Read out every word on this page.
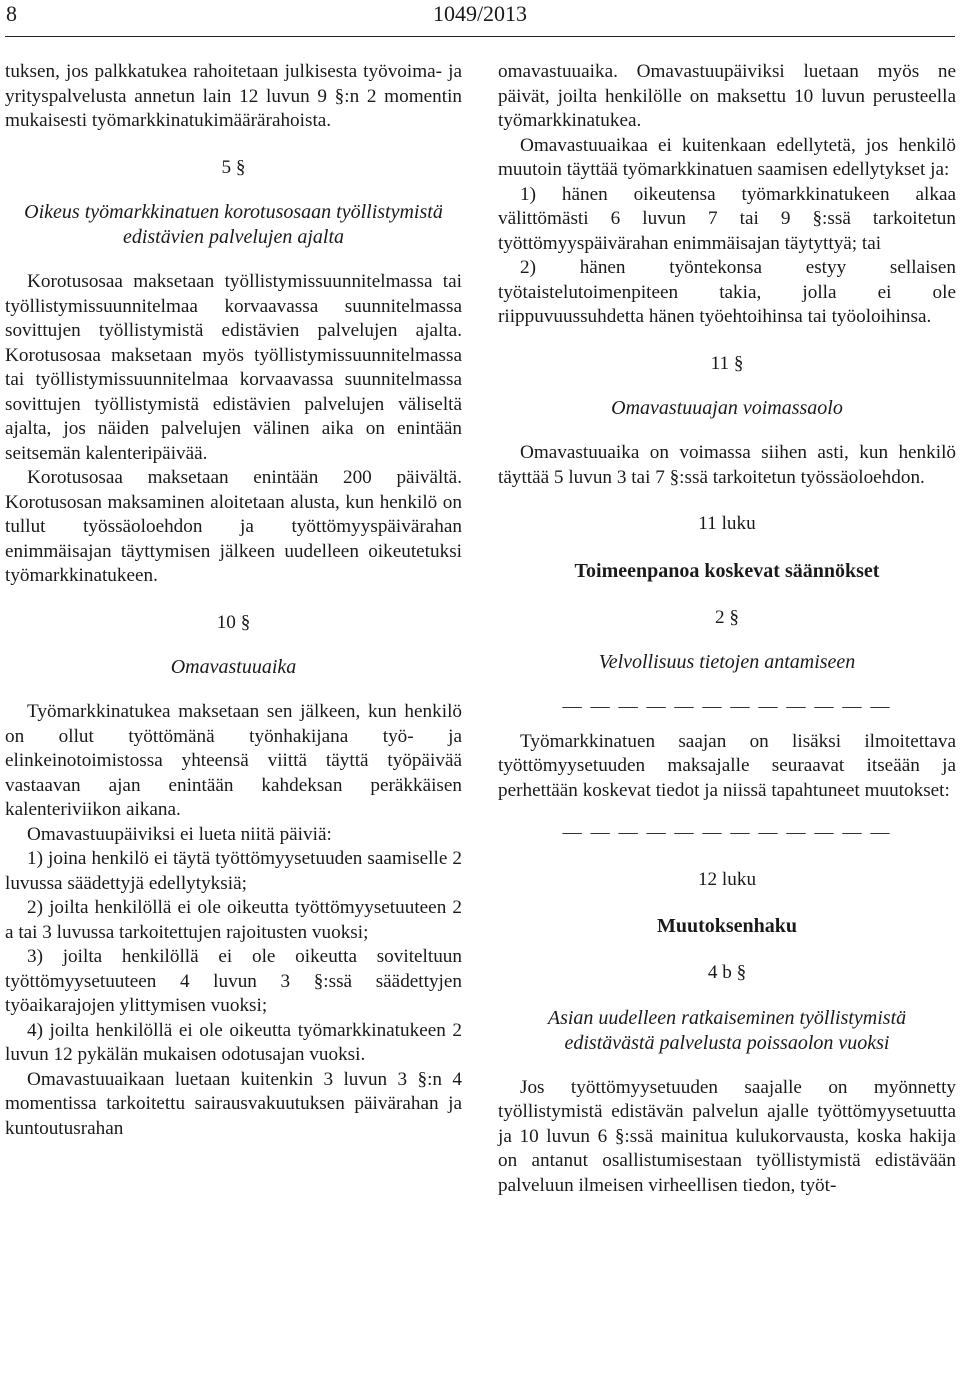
8	1049/2013

tuksen, jos palkkatukea rahoitetaan julkisesta työvoima- ja yrityspalvelusta annetun lain 12 luvun 9 §:n 2 momentin mukaisesti työmarkkinatukimäärärahoista.

5 §

Oikeus työmarkkinatuen korotusosaan työllistymistä edistävien palvelujen ajalta

Korotusosaa maksetaan työllistymissuunnitelmassa tai työllistymissuunnitelmaa korvaavassa suunnitelmassa sovittujen työllistymistä edistävien palvelujen ajalta. Korotusosaa maksetaan myös työllistymissuunnitelmassa tai työllistymissuunnitelmaa korvaavassa suunnitelmassa sovittujen työllistymistä edistävien palvelujen väliseltä ajalta, jos näiden palvelujen välinen aika on enintään seitsemän kalenteripäivää.

Korotusosaa maksetaan enintään 200 päivältä. Korotusosan maksaminen aloitetaan alusta, kun henkilö on tullut työssäoloehdon ja työttömyyspäivärahan enimmäisajan täyttymisen jälkeen uudelleen oikeutetuksi työmarkkinatukeen.

10 §

Omavastuuaika

Työmarkkinatukea maksetaan sen jälkeen, kun henkilö on ollut työttömänä työnhakijana työ- ja elinkeinotoimistossa yhteensä viittä täyttä työpäivää vastaavan ajan enintään kahdeksan peräkkäisen kalenteriviikon aikana.

Omavastuupäiviksi ei lueta niitä päiviä:

1) joina henkilö ei täytä työttömyysetuuden saamiselle 2 luvussa säädettyjä edellytyksiä;

2) joilta henkilöllä ei ole oikeutta työttömyysetuuteen 2 a tai 3 luvussa tarkoitettujen rajoitusten vuoksi;

3) joilta henkilöllä ei ole oikeutta soviteltuun työttömyysetuuteen 4 luvun 3 §:ssä säädettyjen työaikarajojen ylittymisen vuoksi;

4) joilta henkilöllä ei ole oikeutta työmarkkinatukeen 2 luvun 12 pykälän mukaisen odotusajan vuoksi.

Omavastuuaikaan luetaan kuitenkin 3 luvun 3 §:n 4 momentissa tarkoitettu sairausvakuutuksen päivärahan ja kuntoutusrahan

omavastuuaika. Omavastuupäiviksi luetaan myös ne päivät, joilta henkilölle on maksettu 10 luvun perusteella työmarkkinatukea.

Omavastuuaikaa ei kuitenkaan edellytetä, jos henkilö muutoin täyttää työmarkkinatuen saamisen edellytykset ja:

1) hänen oikeutensa työmarkkinatukeen alkaa välittömästi 6 luvun 7 tai 9 §:ssä tarkoitetun työttömyyspäivärahan enimmäisajan täytyttyä; tai

2) hänen työntekonsa estyy sellaisen työtaistelutoimenpiteen takia, jolla ei ole riippuvuussuhdetta hänen työehtoihinsa tai työoloihinsa.

11 §

Omavastuuajan voimassaolo

Omavastuuaika on voimassa siihen asti, kun henkilö täyttää 5 luvun 3 tai 7 §:ssä tarkoitetun työssäoloehdon.

11 luku

Toimeenpanoa koskevat säännökset

2 §

Velvollisuus tietojen antamiseen

— — — — — — — — — — — —

Työmarkkinatuen saajan on lisäksi ilmoitettava työttömyysetuuden maksajalle seuraavat itseään ja perhettään koskevat tiedot ja niissä tapahtuneet muutokset:

— — — — — — — — — — — —

12 luku

Muutoksenhaku

4 b §

Asian uudelleen ratkaiseminen työllistymistä edistävästä palvelusta poissaolon vuoksi

Jos työttömyysetuuden saajalle on myönnetty työllistymistä edistävän palvelun ajalle työttömyysetuutta ja 10 luvun 6 §:ssä mainitua kulukorvausta, koska hakija on antanut osallistumisestaan työllistymistä edistävään palveluun ilmeisen virheellisen tiedon, työt-
